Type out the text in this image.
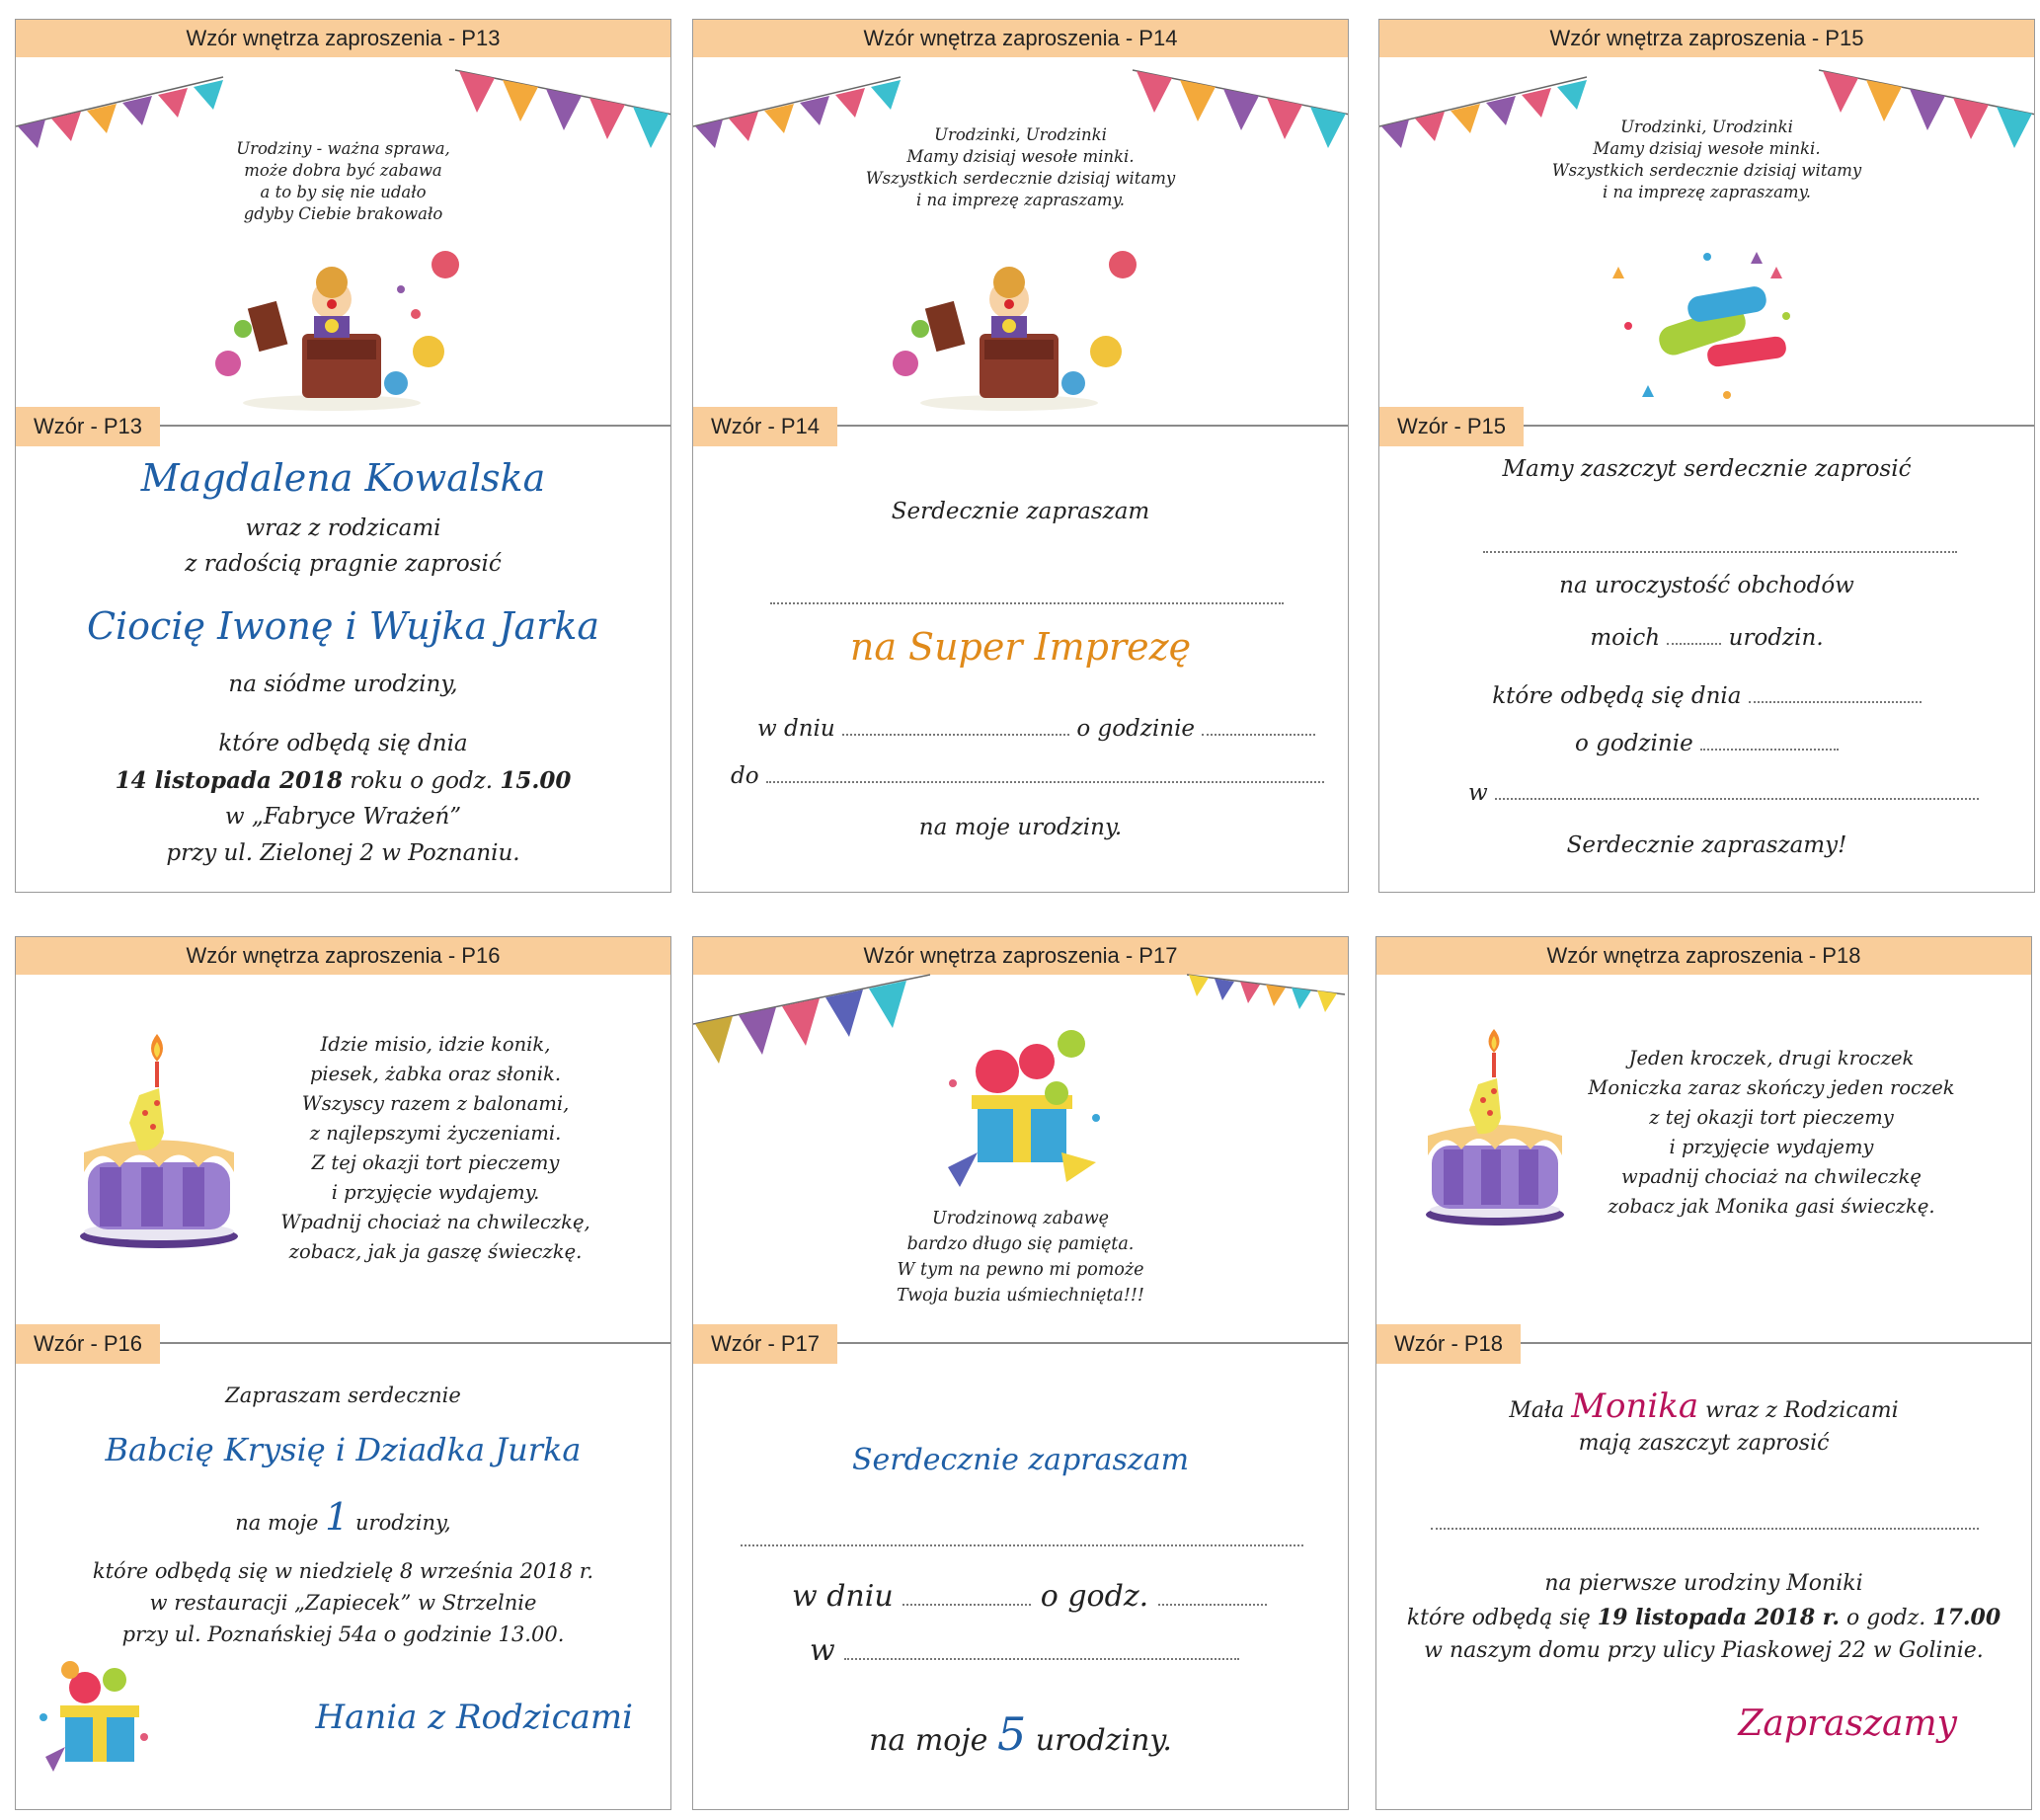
Wzór wnętrza zaproszenia - P13
Urodziny - ważna sprawa,
może dobra być zabawa
a to by się nie udało
gdyby Ciebie brakowało
Wzór - P13
Magdalena Kowalska
wraz z rodzicami
z radością pragnie zaprosić
Ciocię Iwonę i Wujka Jarka
na siódme urodziny,
które odbędą się dnia
14 listopada 2018 roku o godz. 15.00
w „Fabryce Wrażeń”
przy ul. Zielonej 2 w Poznaniu.
Wzór wnętrza zaproszenia - P14
Urodzinki, Urodzinki
Mamy dzisiaj wesołe minki.
Wszystkich serdecznie dzisiaj witamy
i na imprezę zapraszamy.
Wzór - P14
Serdecznie zapraszam
na Super Imprezę
w dniu	o godzinie
do
na moje urodziny.
Wzór wnętrza zaproszenia - P15
Urodzinki, Urodzinki
Mamy dzisiaj wesołe minki.
Wszystkich serdecznie dzisiaj witamy
i na imprezę zapraszamy.
Wzór - P15
Mamy zaszczyt serdecznie zaprosić
na uroczystość obchodów
moich	urodzin.
które odbędą się dnia
o godzinie
w
Serdecznie zapraszamy!
Wzór wnętrza zaproszenia - P16
Idzie misio, idzie konik,
piesek, żabka oraz słonik.
Wszyscy razem z balonami,
z najlepszymi życzeniami.
Z tej okazji tort pieczemy
i przyjęcie wydajemy.
Wpadnij chociaż na chwileczkę,
zobacz, jak ja gaszę świeczkę.
Wzór - P16
Zapraszam serdecznie
Babcię Krysię i Dziadka Jurka
na moje 1 urodziny,
które odbędą się w niedzielę 8 września 2018 r.
w restauracji „Zapiecek” w Strzelnie
przy ul. Poznańskiej 54a o godzinie 13.00.
Hania z Rodzicami
Wzór wnętrza zaproszenia - P17
Urodzinową zabawę
bardzo długo się pamięta.
W tym na pewno mi pomoże
Twoja buzia uśmiechnięta!!!
Wzór - P17
Serdecznie zapraszam
w dniu	o godz.
w
na moje 5 urodziny.
Wzór wnętrza zaproszenia - P18
Jeden kroczek, drugi kroczek
Moniczka zaraz skończy jeden roczek
z tej okazji tort pieczemy
i przyjęcie wydajemy
wpadnij chociaż na chwileczkę
zobacz jak Monika gasi świeczkę.
Wzór - P18
Mała Monika wraz z Rodzicami
mają zaszczyt zaprosić
na pierwsze urodziny Moniki
które odbędą się 19 listopada 2018 r. o godz. 17.00
w naszym domu przy ulicy Piaskowej 22 w Golinie.
Zapraszamy
